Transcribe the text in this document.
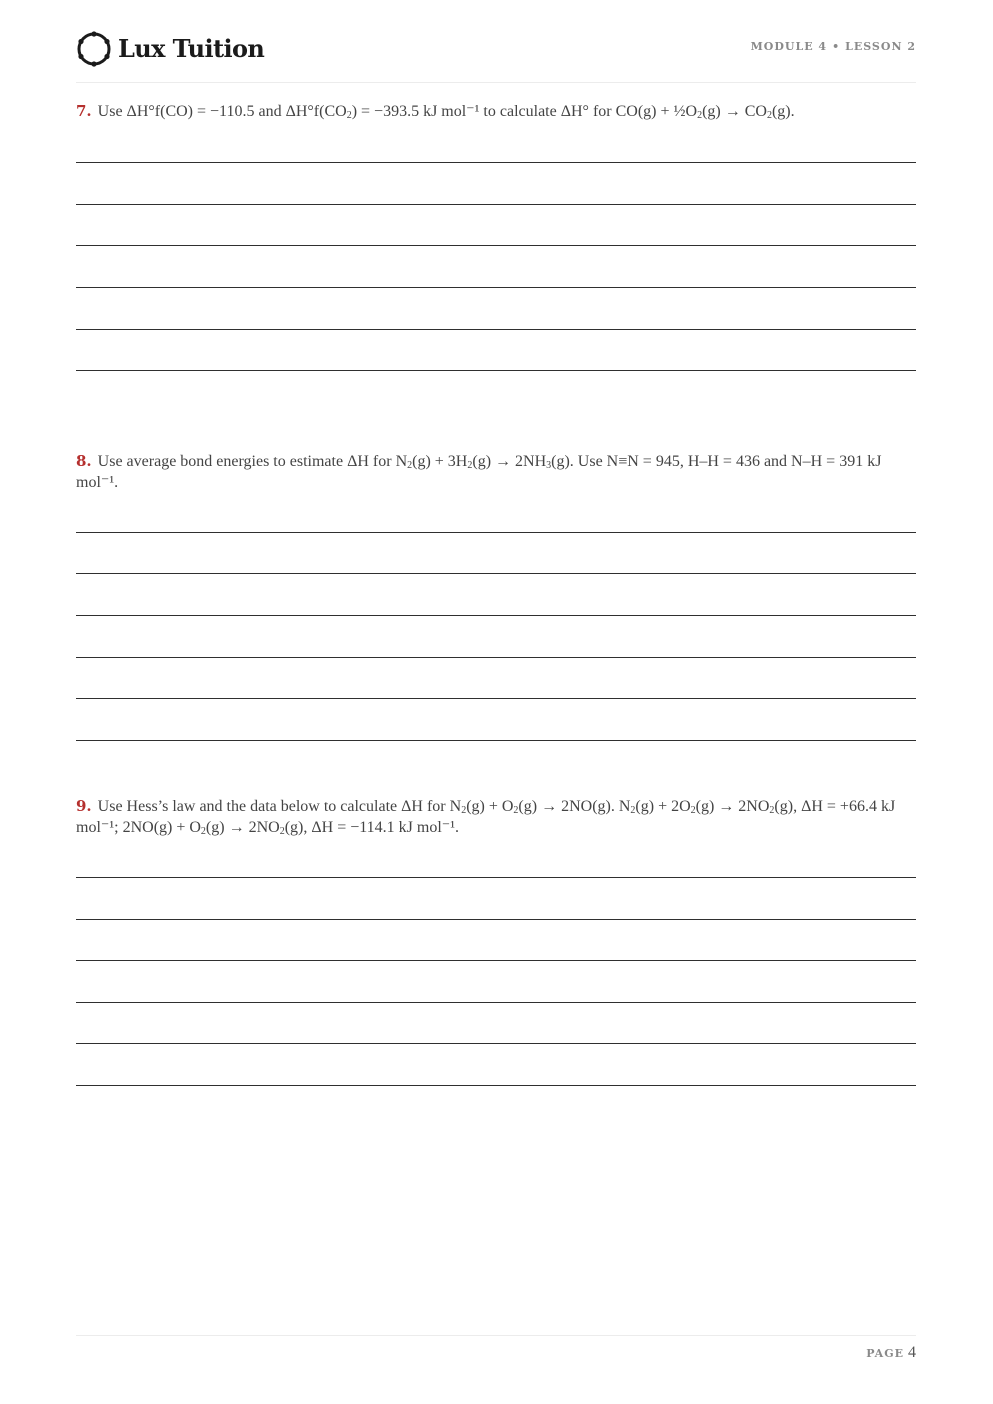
Lux Tuition	MODULE 4 • LESSON 2

7. Use ΔH°f(CO) = −110.5 and $\Delta H^\circ f(CO_2) = -393.5$ kJ mol⁻¹ to calculate ΔH° for $CO(g) + \frac{1}{2}O_2(g) \to CO_2(g)$.

8. Use average bond energies to estimate ΔH for $N_2(g) + 3H_2(g) \to 2NH_3(g)$. Use N≡N = 945, H–H = 436 and N–H = 391 kJ mol⁻¹.

9. Use Hess’s law and the data below to calculate ΔH for $N_2(g) + O_2(g) \to 2NO(g)$. $N_2(g) + 2O_2(g) \to 2NO_2(g)$, ΔH = +66.4 kJ mol⁻¹; $2NO(g) + O_2(g) \to 2NO_2(g)$, ΔH = −114.1 kJ mol⁻¹.

PAGE 4
